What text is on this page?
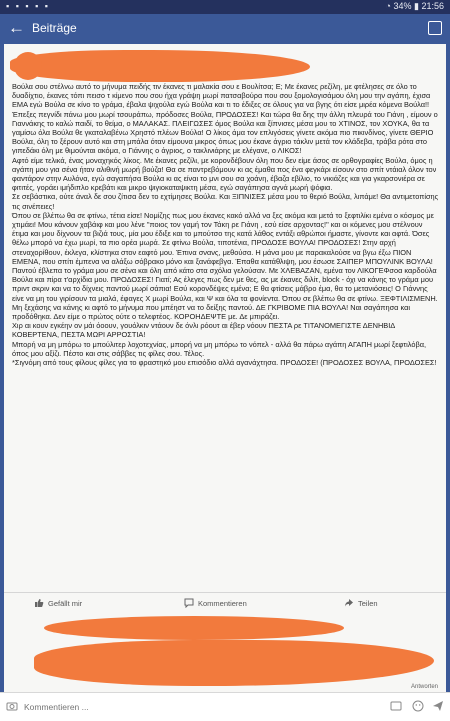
▪ ▪ ▪ ▪ ▪	◔ 34% ▮ 21:56
← Beiträge

Βούλα σου στέλνω αυτό το μήνυμα πειδής τιν έκανες τι μαλακία σου ε Βουλίτσα; Ε; Με έκανες ρεζίλη, με φτέλησες σε όλο το δυαδίχτιο, έκανες τόπι πεισο τ κίμενο που σου ήχα γράψη μωρί πατσαβούρα που σου ξομολογισάμου όλη μου την αγάπη, έχισα ΕΜΑ εγώ Βούλα σε κίνο το γράμα, έβαλα ψιχούλα εγώ Βούλα και τι το έδιξες σε όλους για να βγης ότι είσε μιρέα κόμενα Βούλα!!Έπεξες πεγνίδι πάνω μου μωρί τσουράπω, πρόδοσες Βούλα, ΠΡΟΔΟΣΕΣ! Και τώρα θα δης την άλλη πλευρά του Γιάνη , είμουν ο Γιαννάκης το καλώ παιδί, το θείμα, ο ΜΑΛΑΚΑΣ. ΠΛΕΙΓΩΣΕΣ όμος Βούλα και ξίπνισες μέσα μου το ΧΤΙΝΟΣ, τον ΧΟΥΚΑ, θα τα γαμίσω όλα Βούλα θε γκαταλαβένω Χρηστό πλέων Βούλα! Ο λίκος άμα τον επλιγόσεις γίνετε ακόμα πιο πικινδίνος, γίνετε ΘΕΡΙΟ Βούλα, όλη το ξέρουν αυτό και στη μπάλα όταν είμουνα μικρος όπως μου έκανε άγριο τάκλιν μετά τον κλάδεβα, τράβα ρότα στο γιπεδάκι όλη με θιμούνται ακόμα, ο Γιάννης ο άγριος, ο τακλινιάρης με ελέγανε, ο ΛΙΚΟΣ!

Αφτό είμε τελικά, ένας μοναχηκός λίκος. Με έκανες ρεζίλι, με κορονδέβουν όλη που δεν είμε άσος σε ορθογραφίες Βούλα, όμος η αγάπη μου για σένα ήταν αλιθινή μωρή βούζα! Θα σε παντρεβόμουν κι ας έμαθα πος ένα φεγκάρι είσουν στο σπίτ ντάιαλ όλον τον φαντάρον στην Αυλόνα, εγώ σαγαπήσα Βούλα κι ας είναι το μνι σου σα χοάνη, έβαζα εβίλιο, το νικιάζες και για γκαρσονιέρα σε φιτιτές, γοράει ιμήδιπλο κρεβάτι και μικρο ψιγιοκαταψικτη μέσα, εγώ σαγάπησα αγνά μωρή ψόφια.

Σε σεβάστικα, ούτε άναλ δε σου ζίτισα δεν το εχτίμησες Βούλα. Και ΞΙΠΝΙΣΕΣ μέσα μου το θεριό Βούλα, λιπάμε! Θα αντιμετοπίσης τις σινέπειες!

Όπου σε βλέπω θα σε φτίνω, τέτια είσε! Νομίζης πως μου έκανες κακό αλλά να ξες ακόμα και μετά το ξεφτιλίκι εμένα ο κόσμος με χτιμάει! Μου κάνουν χαβάιφ και μου λένε "ποιος τον γαμή τον Τάκη ρε Γιάνη , εσύ είσε αρχοντας!" και οι κόμενες μου στέλνουν έτιμα και μου δίχνουν τα βιζιά τους, μία μου έδιξε και το μπούτσο της κατά λάθος εντάξι αθρώποι ήμαστε, γίνοντε και αφτά. Όσες θέλω μπορό να έχω μωρί, τα πιο ορέα μωρά. Σε φτίνω Βούλα, τιποτένια, ΠΡΟΔΟΣΕ ΒΟΥΛΑ! ΠΡΟΔΟΣΕΣ! Στην αρχή στεναχορίθουν, έκλεγα, κλίστηκα στον εαφτό μου. Έπινα σνανς, μεθούσα. Η μάνα μου με παρακαλούσε να βγω έξω ΠΙΟΝ ΕΜΕΝΑ, που σπίτι έμπενα να αλάξω σόβρακο μόνο και ξανάφεβγα. Έπαθα κατάθλιψη, μου έσωσε ΣΑΙΠΕΡ ΜΠΟΥΛΙΝΚ ΒΟΥΛΑ! Παντού έβλεπα το γράμα μου σε σένα και όλη από κάτο στα σχόλια γελούσαν. Με ΧΛΕΒΑΖΑΝ, εμένα τον ΛΙΚΟΓΕΦσοα καρδούλα Βούλα και πίρα τ'αρχίδια μου. ΠΡΟΔΟΣΕΣ! Γιατί; Ας έλεγες πως δεν με θες, ας με έκανες διλίτ, block - όχι να κάνης το γράμα μου πριντ σκριν και να το δίχνεις παντού μωρί σάπια! Εσύ κορονδέψες εμένα; Ε θα φτίσεις μάβρο έμα, θα το μετανιόσεις! Ο Γιάννης είνε να μη του γιρίσουν τα μιαλά, έφαγες Χ μωρί Βούλα, και Ψ και όλα τα φονίεντα. Όπου σε βλέπω θα σε φτίνω. ΞΕΦΤΙΛΙΣΜΕΝΗ.

Μη ξεχάσης να κάνης κι αφτό το μήνυμα που μπέηστ να το δείξης παντού. ΔΕ ΓΚΡΙΒΟΜΕ ΠΙΑ ΒΟΥΛΑ! Ναι σαγάπησα και προδόθηκα. Δεν είμε ο πρώτος ούτε ο τελεφτέος. ΚΟΡΟΗΔΕΨΤΕ με. Δε μπιράζει.

Χιρ αι κουν εγκέην ον μάι όοουν, γουόλκιν ντάουν δε όνλι ρόουτ αι έβερ νόουν ΠΕΣΤΑ ρε ΤΙΤΑΝΟΜΕΓΙΣΤΕ ΔΕΝΗΒΙΔ ΚΟΒΕΡΤΕΝΑ, ΠΕΣΤΑ ΜΩΡΙ ΑΡΡΟΣΤΙΑ!

Μπορή να μη μπόρω το μπούλιτερ λοχοτεχνίας, μπορή να μη μπόρω το νόπελ - αλλά θα πάρω αγάπη ΑΓΑΠΗ μωρί ξεφτιλόβα, όπος μου αξίζι. Πέστο και στις σάββες τις φίλες σου. Τέλος.

*Σιγνόμη από τους φίλους φίλες για το φραστηκό μου επισόδιο αλλά αγανάχτησα. ΠΡΟΔΟΣΕ! (ΠΡΟΔΟΣΕΣ ΒΟΥΛΑ, ΠΡΟΔΟΣΕΣ!

Gefällt mir	Kommentieren	Teilen
Antworten
Kommentieren ...
